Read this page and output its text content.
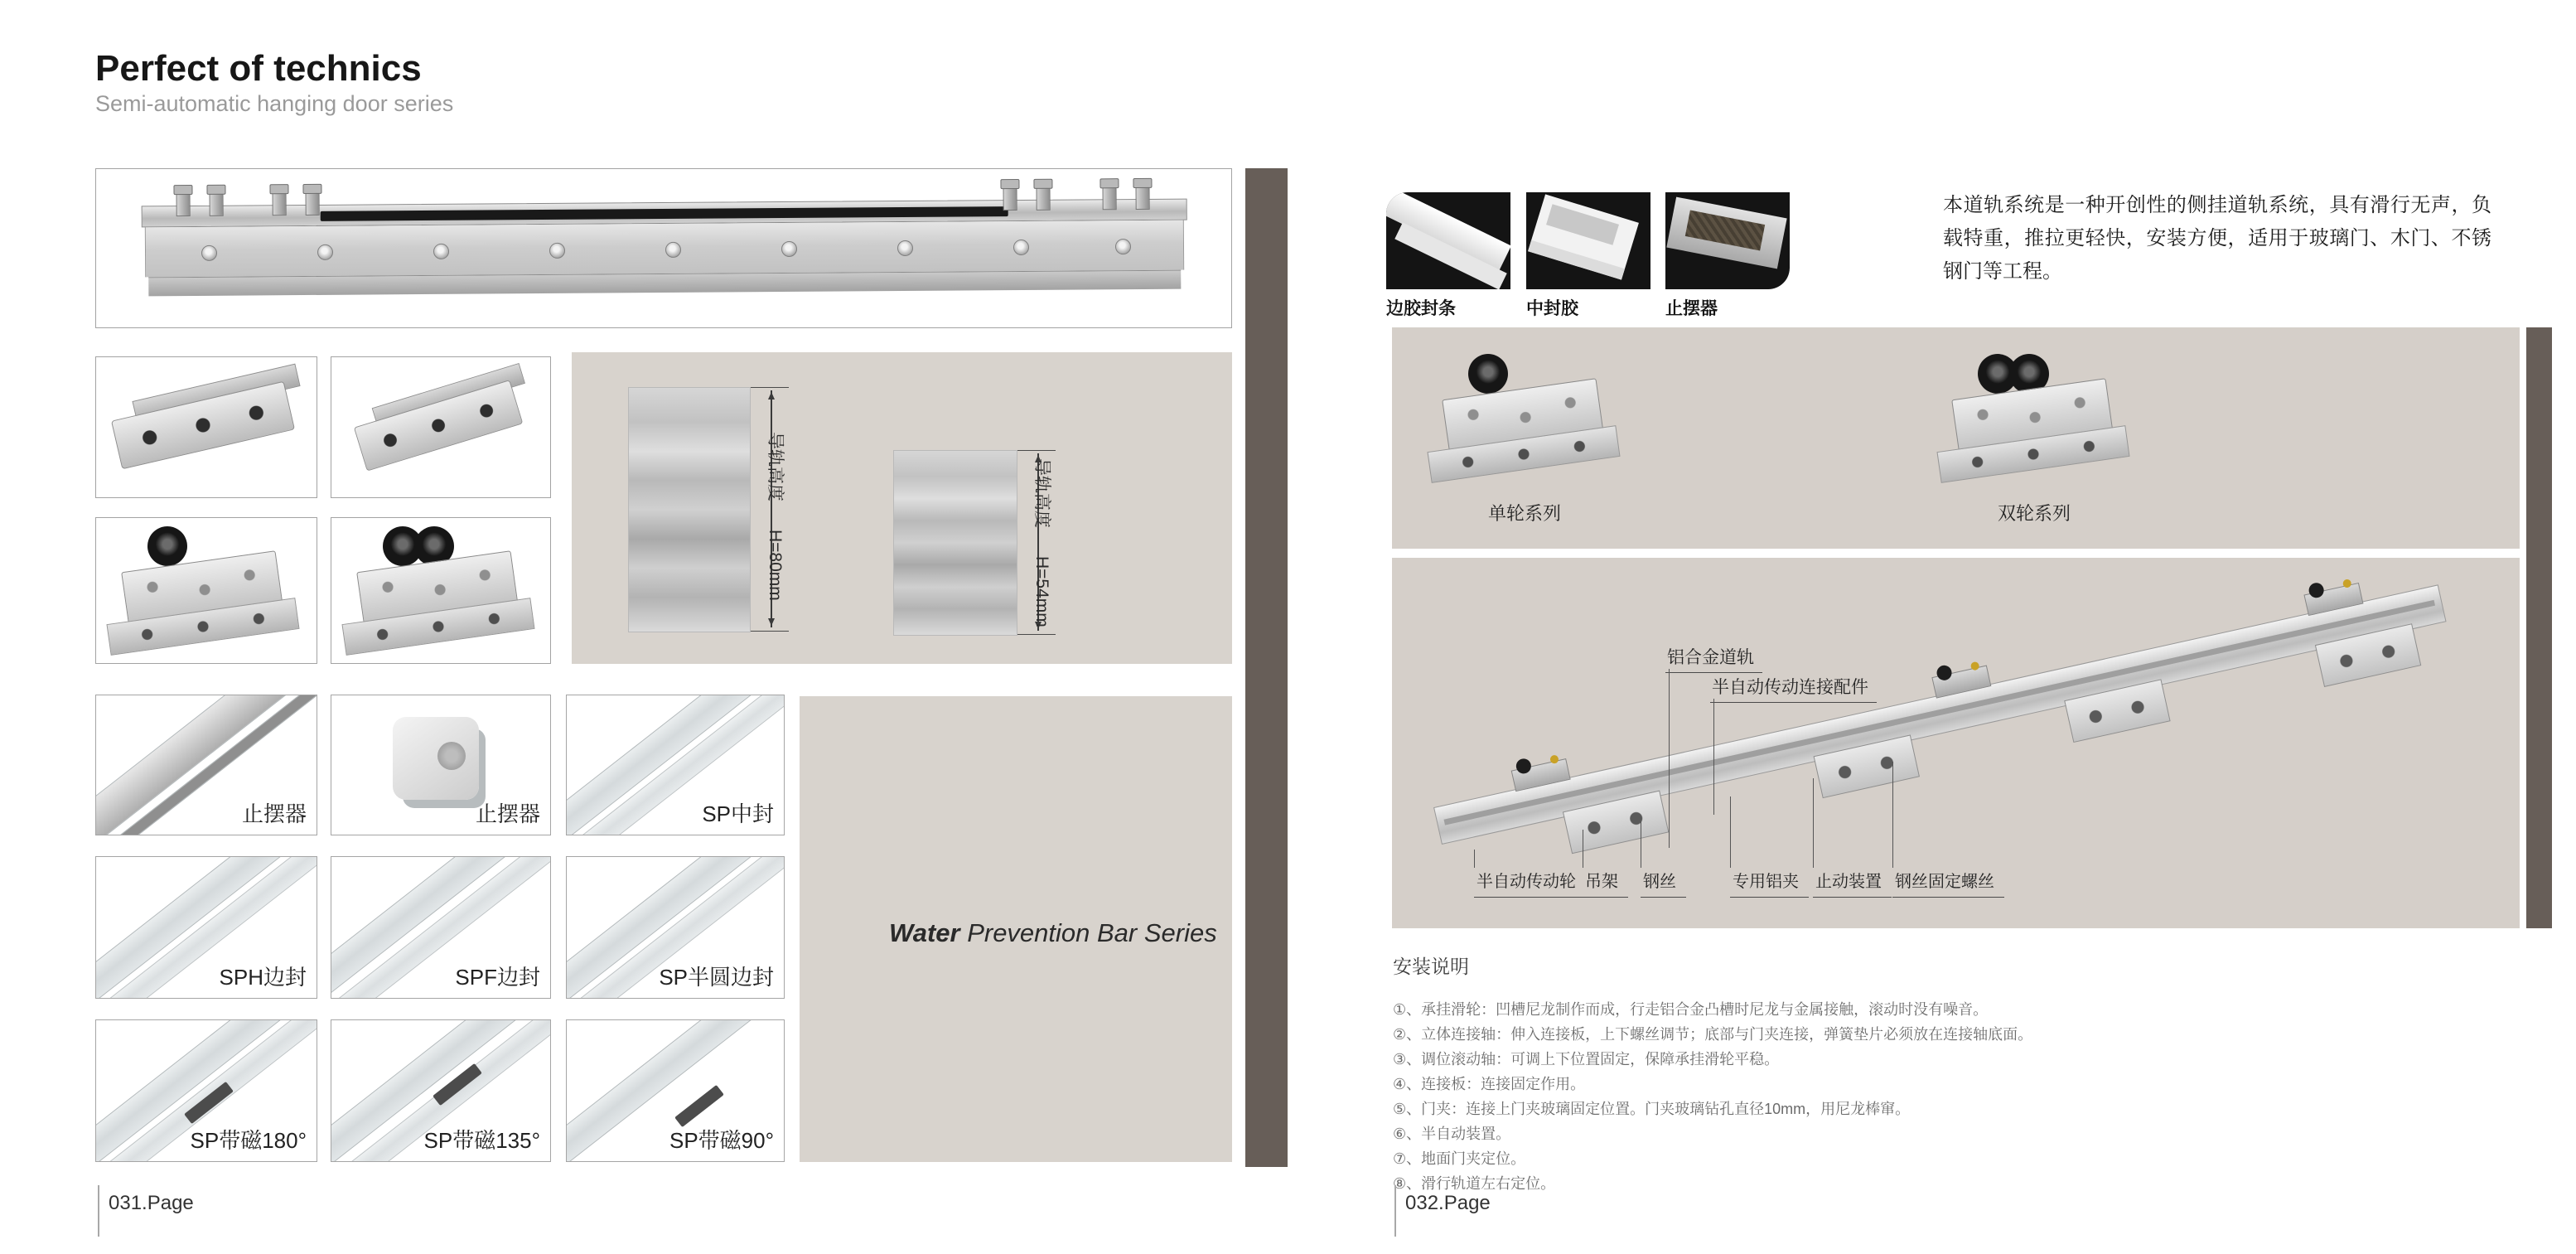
Perfect of technics
Semi-automatic hanging door series
导轨高度H=80mm
导轨高度H=54mm
止摆器	止摆器	SP中封
SPH边封	SPF边封	SP半圆边封
SP带磁180°	SP带磁135°	SP带磁90°
Water Prevention Bar Series
031.Page
边胶封条	中封胶	止摆器
本道轨系统是一种开创性的侧挂道轨系统，具有滑行无声，负载特重，推拉更轻快，安装方便，适用于玻璃门、木门、不锈钢门等工程。
单轮系列	双轮系列
铝合金道轨
半自动传动连接配件
半自动传动轮 吊架	钢丝	专用铝夹	止动装置 钢丝固定螺丝
安装说明
①、承挂滑轮：凹槽尼龙制作而成，行走铝合金凸槽时尼龙与金属接触，滚动时没有噪音。
②、立体连接轴：伸入连接板，上下螺丝调节；底部与门夹连接，弹簧垫片必须放在连接轴底面。
③、调位滚动轴：可调上下位置固定，保障承挂滑轮平稳。
④、连接板：连接固定作用。
⑤、门夹：连接上门夹玻璃固定位置。门夹玻璃钻孔直径10mm，用尼龙棒窜。
⑥、半自动装置。
⑦、地面门夹定位。
⑧、滑行轨道左右定位。
032.Page
